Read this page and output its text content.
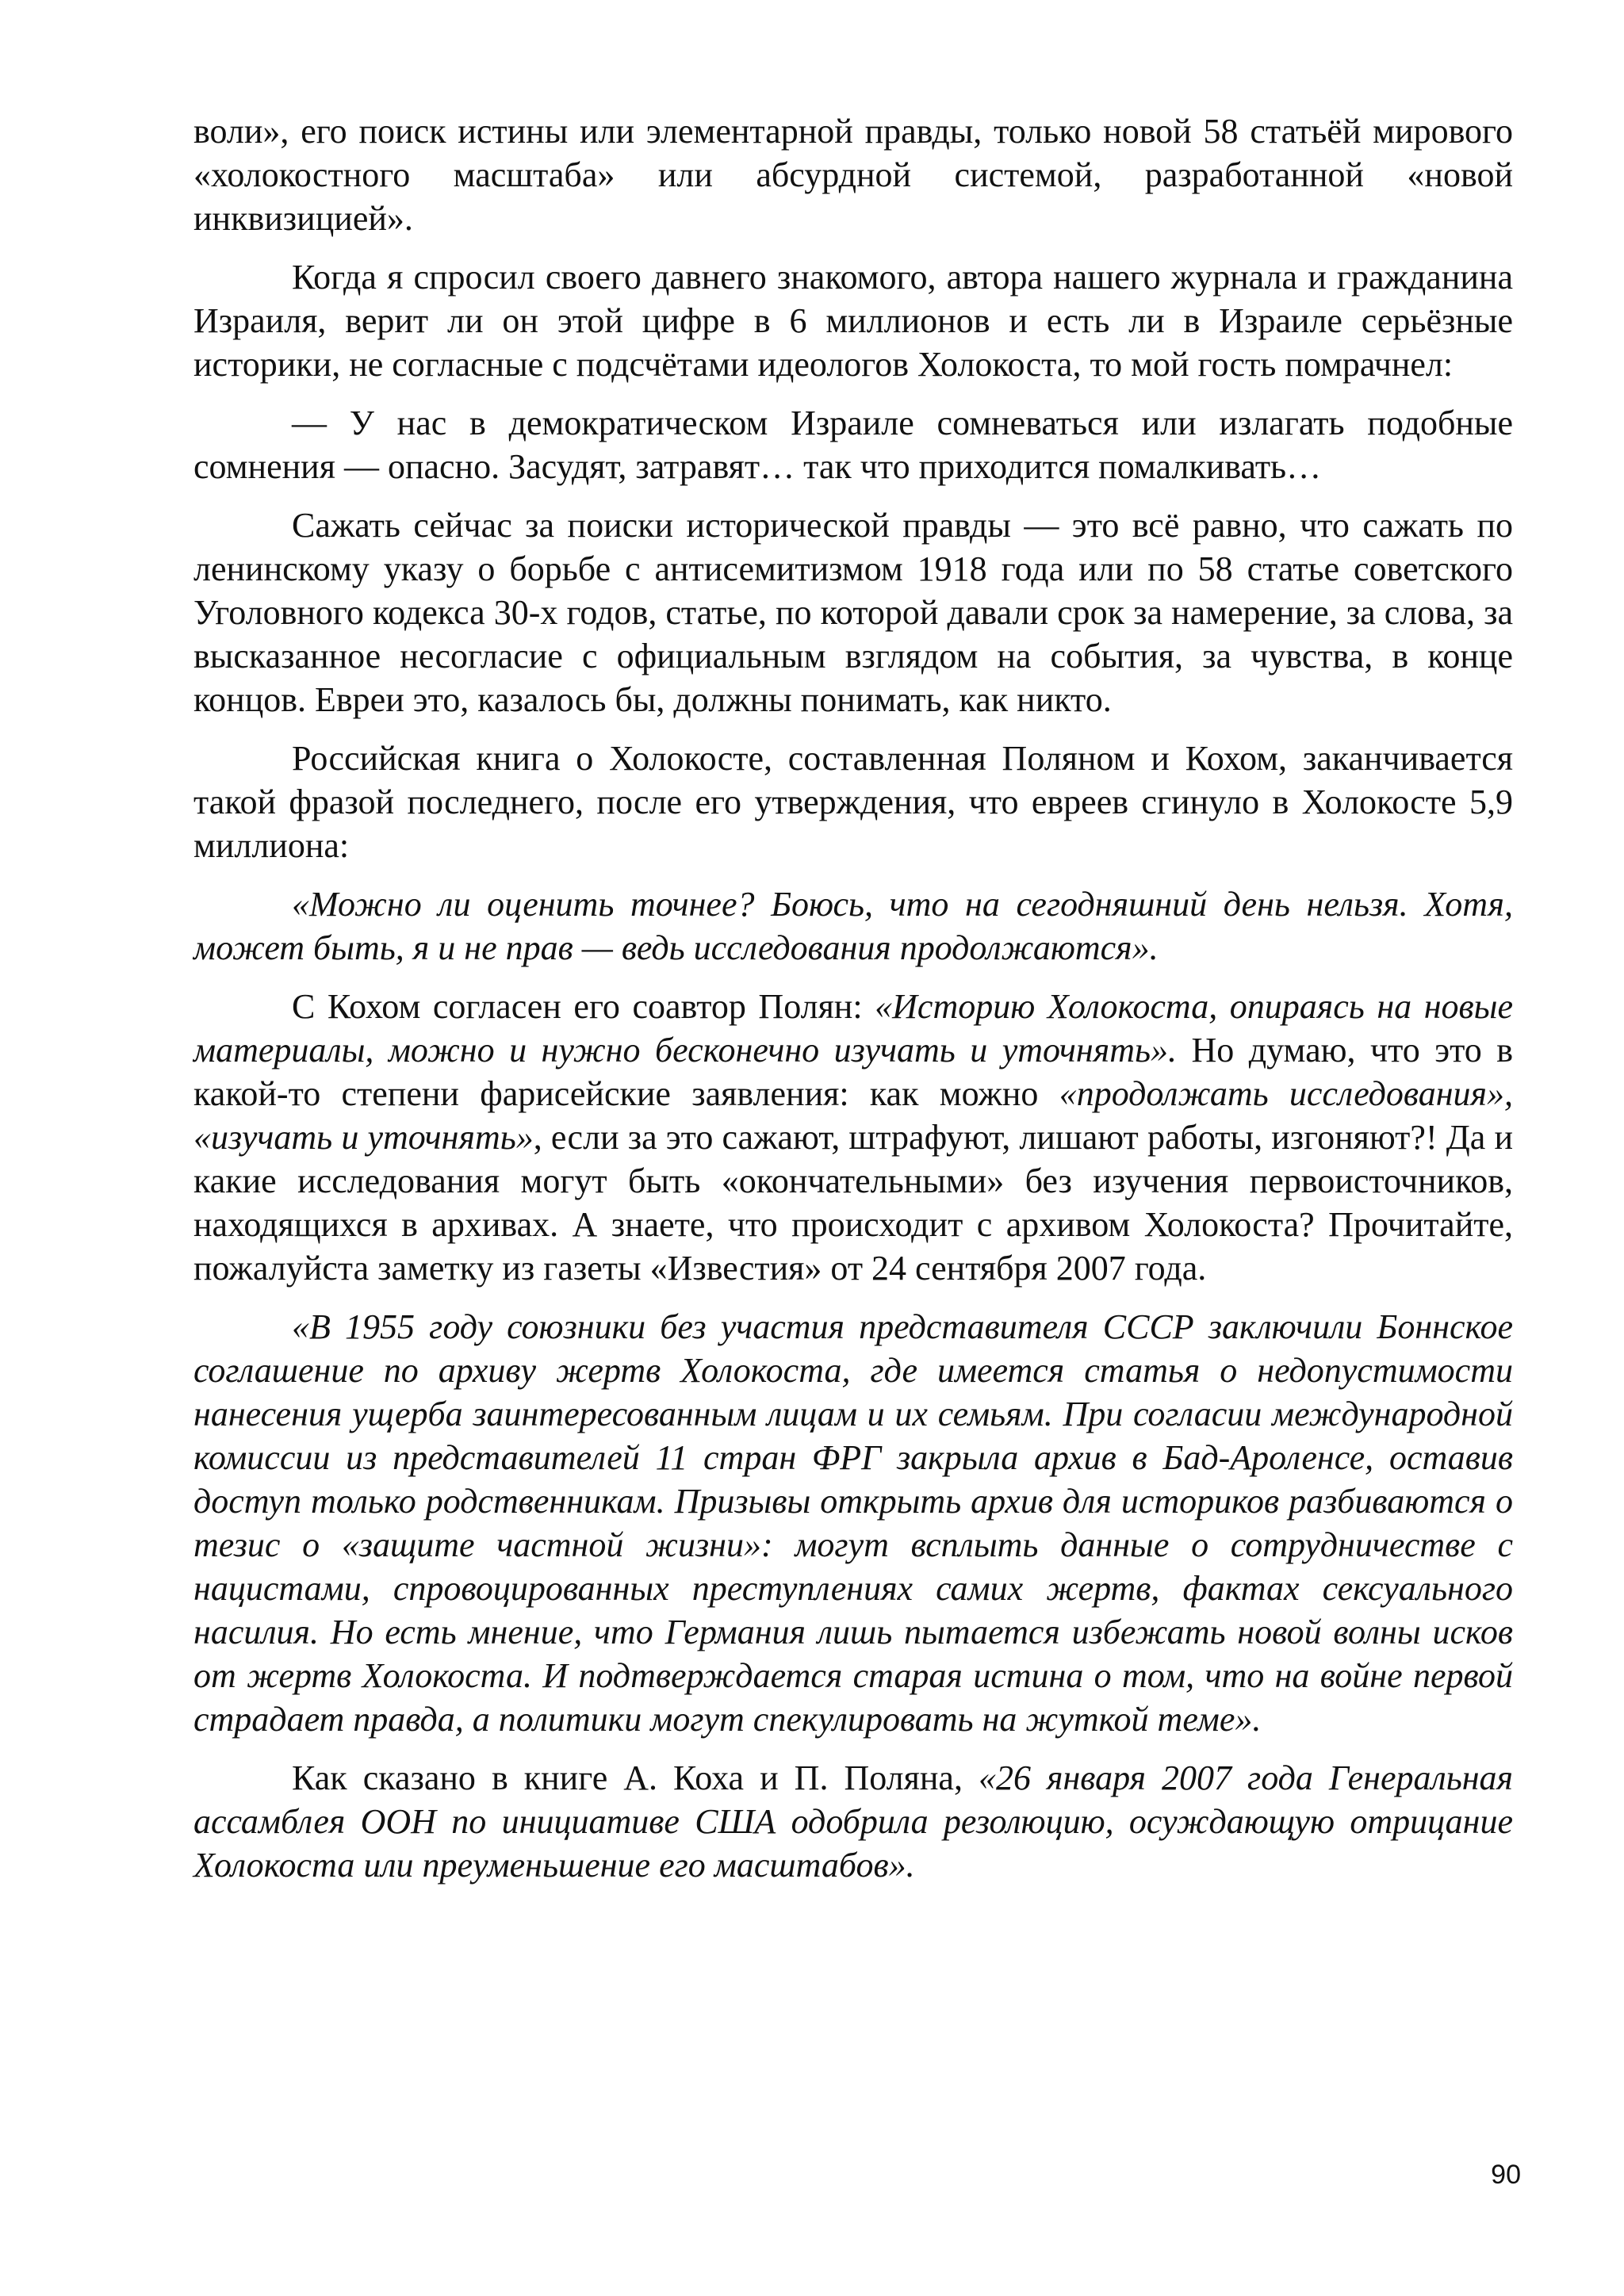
воли», его поиск истины или элементарной правды, только новой 58 статьёй мирового «холокостного масштаба» или абсурдной системой, разработанной «новой инквизицией».

Когда я спросил своего давнего знакомого, автора нашего журнала и гражданина Израиля, верит ли он этой цифре в 6 миллионов и есть ли в Израиле серьёзные историки, не согласные с подсчётами идеологов Холокоста, то мой гость помрачнел:

— У нас в демократическом Израиле сомневаться или излагать подобные сомнения — опасно. Засудят, затравят… так что приходится помалкивать…

Сажать сейчас за поиски исторической правды — это всё равно, что сажать по ленинскому указу о борьбе с антисемитизмом 1918 года или по 58 статье советского Уголовного кодекса 30-х годов, статье, по которой давали срок за намерение, за слова, за высказанное несогласие с официальным взглядом на события, за чувства, в конце концов. Евреи это, казалось бы, должны понимать, как никто.

Российская книга о Холокосте, составленная Поляном и Кохом, заканчивается такой фразой последнего, после его утверждения, что евреев сгинуло в Холокосте 5,9 миллиона:

«Можно ли оценить точнее? Боюсь, что на сегодняшний день нельзя. Хотя, может быть, я и не прав — ведь исследования продолжаются».

С Кохом согласен его соавтор Полян: «Историю Холокоста, опираясь на новые материалы, можно и нужно бесконечно изучать и уточнять». Но думаю, что это в какой-то степени фарисейские заявления: как можно «продолжать исследования», «изучать и уточнять», если за это сажают, штрафуют, лишают работы, изгоняют?! Да и какие исследования могут быть «окончательными» без изучения первоисточников, находящихся в архивах. А знаете, что происходит с архивом Холокоста? Прочитайте, пожалуйста заметку из газеты «Известия» от 24 сентября 2007 года.

«В 1955 году союзники без участия представителя СССР заключили Боннское соглашение по архиву жертв Холокоста, где имеется статья о недопустимости нанесения ущерба заинтересованным лицам и их семьям. При согласии международной комиссии из представителей 11 стран ФРГ закрыла архив в Бад-Ароленсе, оставив доступ только родственникам. Призывы открыть архив для историков разбиваются о тезис о «защите частной жизни»: могут всплыть данные о сотрудничестве с нацистами, спровоцированных преступлениях самих жертв, фактах сексуального насилия. Но есть мнение, что Германия лишь пытается избежать новой волны исков от жертв Холокоста. И подтверждается старая истина о том, что на войне первой страдает правда, а политики могут спекулировать на жуткой теме».

Как сказано в книге А. Коха и П. Поляна, «26 января 2007 года Генеральная ассамблея ООН по инициативе США одобрила резолюцию, осуждающую отрицание Холокоста или преуменьшение его масштабов».

90
